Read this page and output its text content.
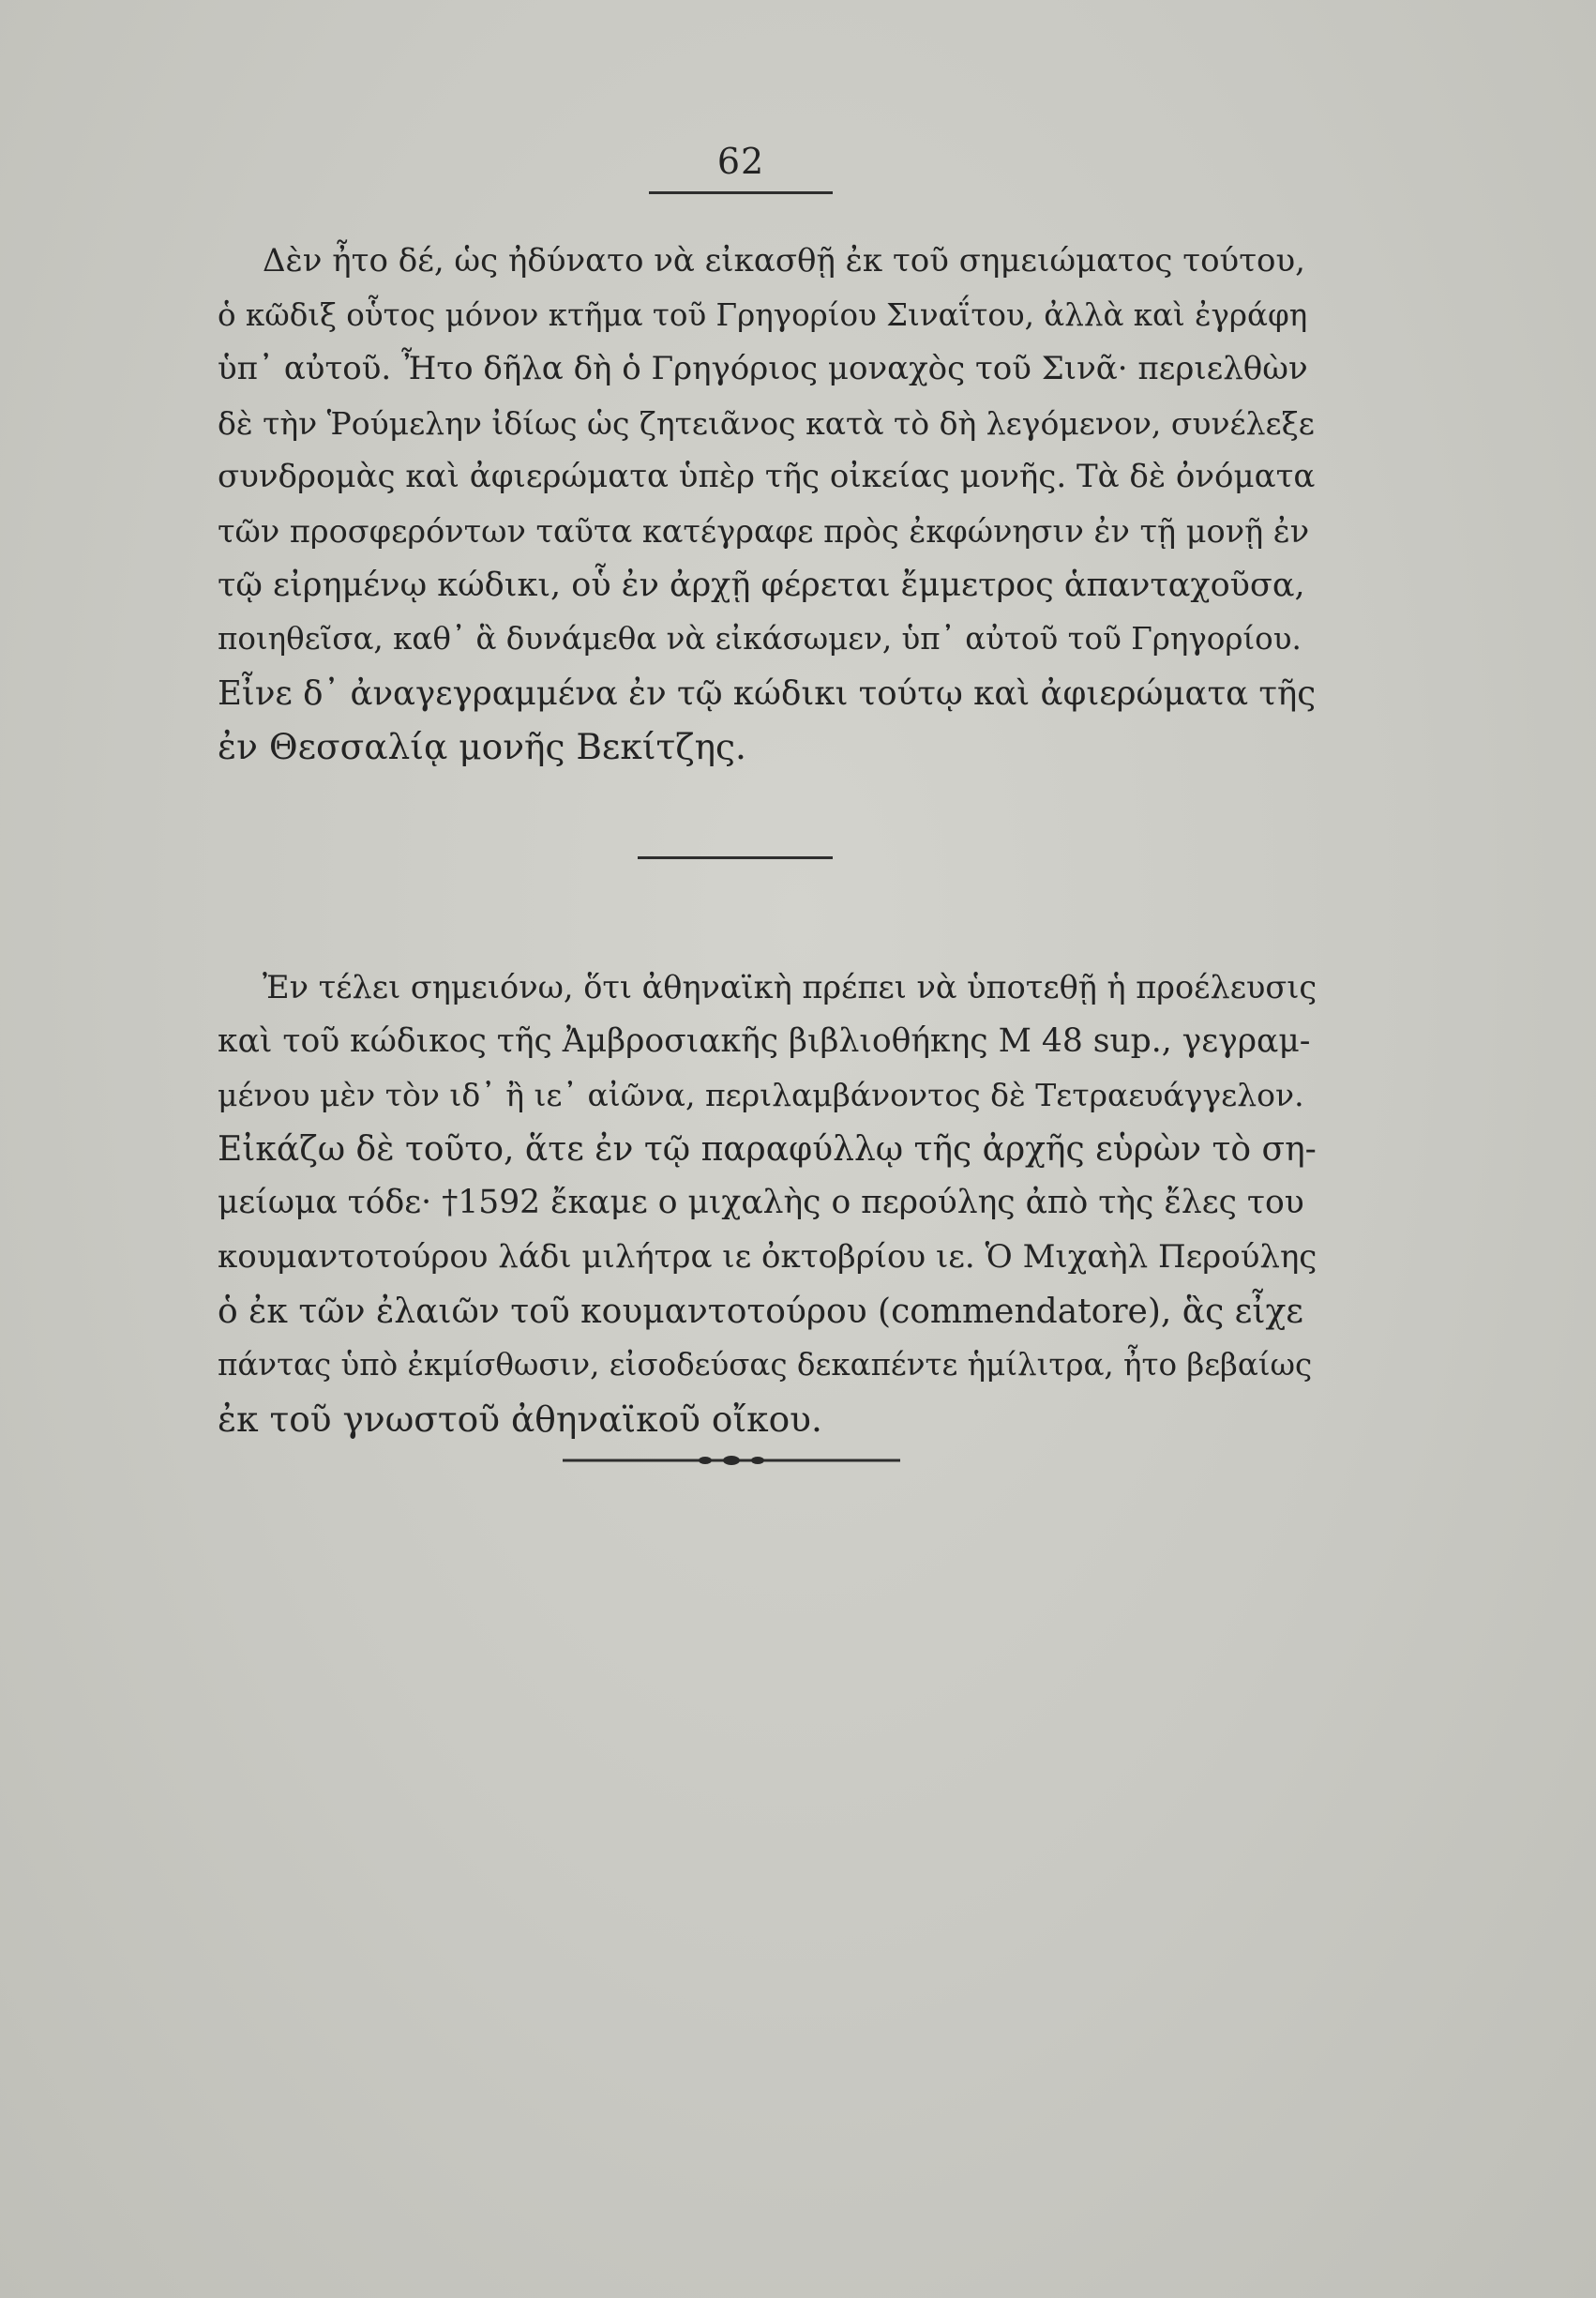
62
Δὲν ἦτο δέ, ὡς ἠδύνατο νὰ εἰκασθῇ ἐκ τοῦ σημειώματος τούτου,
ὁ κῶδιξ οὗτος μόνον κτῆμα τοῦ Γρηγορίου Σιναΐτου, ἀλλὰ καὶ ἐγράφη
ὑπ᾽ αὐτοῦ. Ἦτο δῆλα δὴ ὁ Γρηγόριος μοναχὸς τοῦ Σινᾶ· περιελθὼν
δὲ τὴν Ῥούμελην ἰδίως ὡς ζητειᾶνος κατὰ τὸ δὴ λεγόμενον, συνέλεξε
συνδρομὰς καὶ ἀφιερώματα ὑπὲρ τῆς οἰκείας μονῆς. Τὰ δὲ ὀνόματα
τῶν προσφερόντων ταῦτα κατέγραφε πρὸς ἐκφώνησιν ἐν τῇ μονῇ ἐν
τῷ εἰρημένῳ κώδικι, οὗ ἐν ἀρχῇ φέρεται ἔμμετρος ἁπανταχοῦσα,
ποιηθεῖσα, καθ᾽ ἃ δυνάμεθα νὰ εἰκάσωμεν, ὑπ᾽ αὐτοῦ τοῦ Γρηγορίου.
Εἶνε δ᾽ ἀναγεγραμμένα ἐν τῷ κώδικι τούτῳ καὶ ἀφιερώματα τῆς
ἐν Θεσσαλίᾳ μονῆς Βεκίτζης.
Ἐν τέλει σημειόνω, ὅτι ἀθηναϊκὴ πρέπει νὰ ὑποτεθῇ ἡ προέλευσις
καὶ τοῦ κώδικος τῆς Ἀμβροσιακῆς βιβλιοθήκης M 48 sup., γεγραμ-
μένου μὲν τὸν ιδ᾽ ἢ ιε᾽ αἰῶνα, περιλαμβάνοντος δὲ Τετραευάγγελον.
Εἰκάζω δὲ τοῦτο, ἅτε ἐν τῷ παραφύλλῳ τῆς ἀρχῆς εὑρὼν τὸ ση-
μείωμα τόδε· †1592 ἔκαμε ο μιχαλὴς ο περούλης ἀπὸ τὴς ἔλες του
κουμαντοτούρου λάδι μιλήτρα ιε ὀκτοβρίου ιε. Ὁ Μιχαὴλ Περούλης
ὁ ἐκ τῶν ἐλαιῶν τοῦ κουμαντοτούρου (commendatore), ἃς εἶχε
πάντας ὑπὸ ἐκμίσθωσιν, εἰσοδεύσας δεκαπέντε ἡμίλιτρα, ἦτο βεβαίως
ἐκ τοῦ γνωστοῦ ἀθηναϊκοῦ οἴκου.
